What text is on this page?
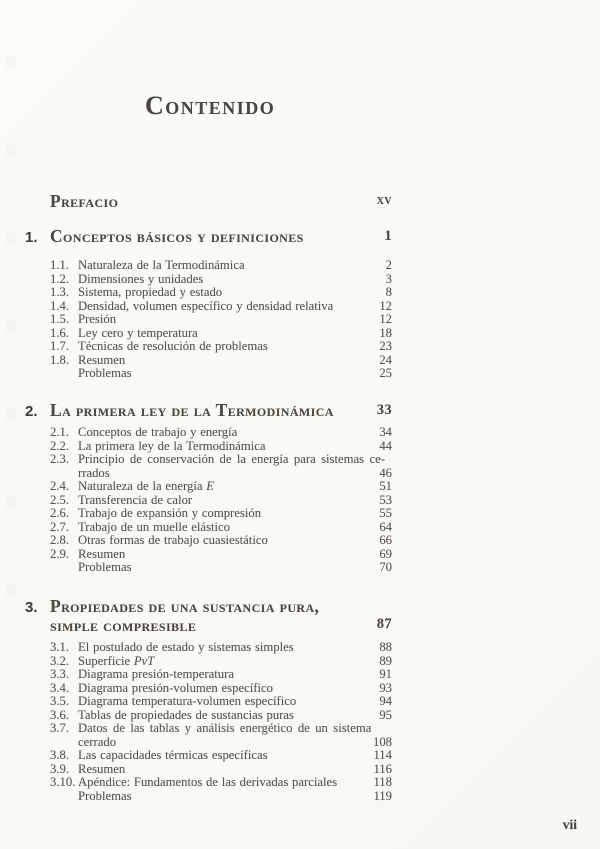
Contenido
Prefacio	xv
1. Conceptos básicos y definiciones	1
1.1. Naturaleza de la Termodinámica	2
1.2. Dimensiones y unidades	3
1.3. Sistema, propiedad y estado	8
1.4. Densidad, volumen específico y densidad relativa	12
1.5. Presión	12
1.6. Ley cero y temperatura	18
1.7. Técnicas de resolución de problemas	23
1.8. Resumen	24
Problemas	25
2. La primera ley de la Termodinámica	33
2.1. Conceptos de trabajo y energía	34
2.2. La primera ley de la Termodinámica	44
2.3. Principio de conservación de la energía para sistemas ce-
rrados	46
2.4. Naturaleza de la energía E	51
2.5. Transferencia de calor	53
2.6. Trabajo de expansión y compresión	55
2.7. Trabajo de un muelle elástico	64
2.8. Otras formas de trabajo cuasiestático	66
2.9. Resumen	69
Problemas	70
3. Propiedades de una sustancia pura,
simple compresible	87
3.1. El postulado de estado y sistemas simples	88
3.2. Superficie PvT	89
3.3. Diagrama presión-temperatura	91
3.4. Diagrama presión-volumen específico	93
3.5. Diagrama temperatura-volumen específico	94
3.6. Tablas de propiedades de sustancias puras	95
3.7. Datos de las tablas y análisis energético de un sistema
cerrado	108
3.8. Las capacidades térmicas específicas	114
3.9. Resumen	116
3.10. Apéndice: Fundamentos de las derivadas parciales	118
Problemas	119
vii
